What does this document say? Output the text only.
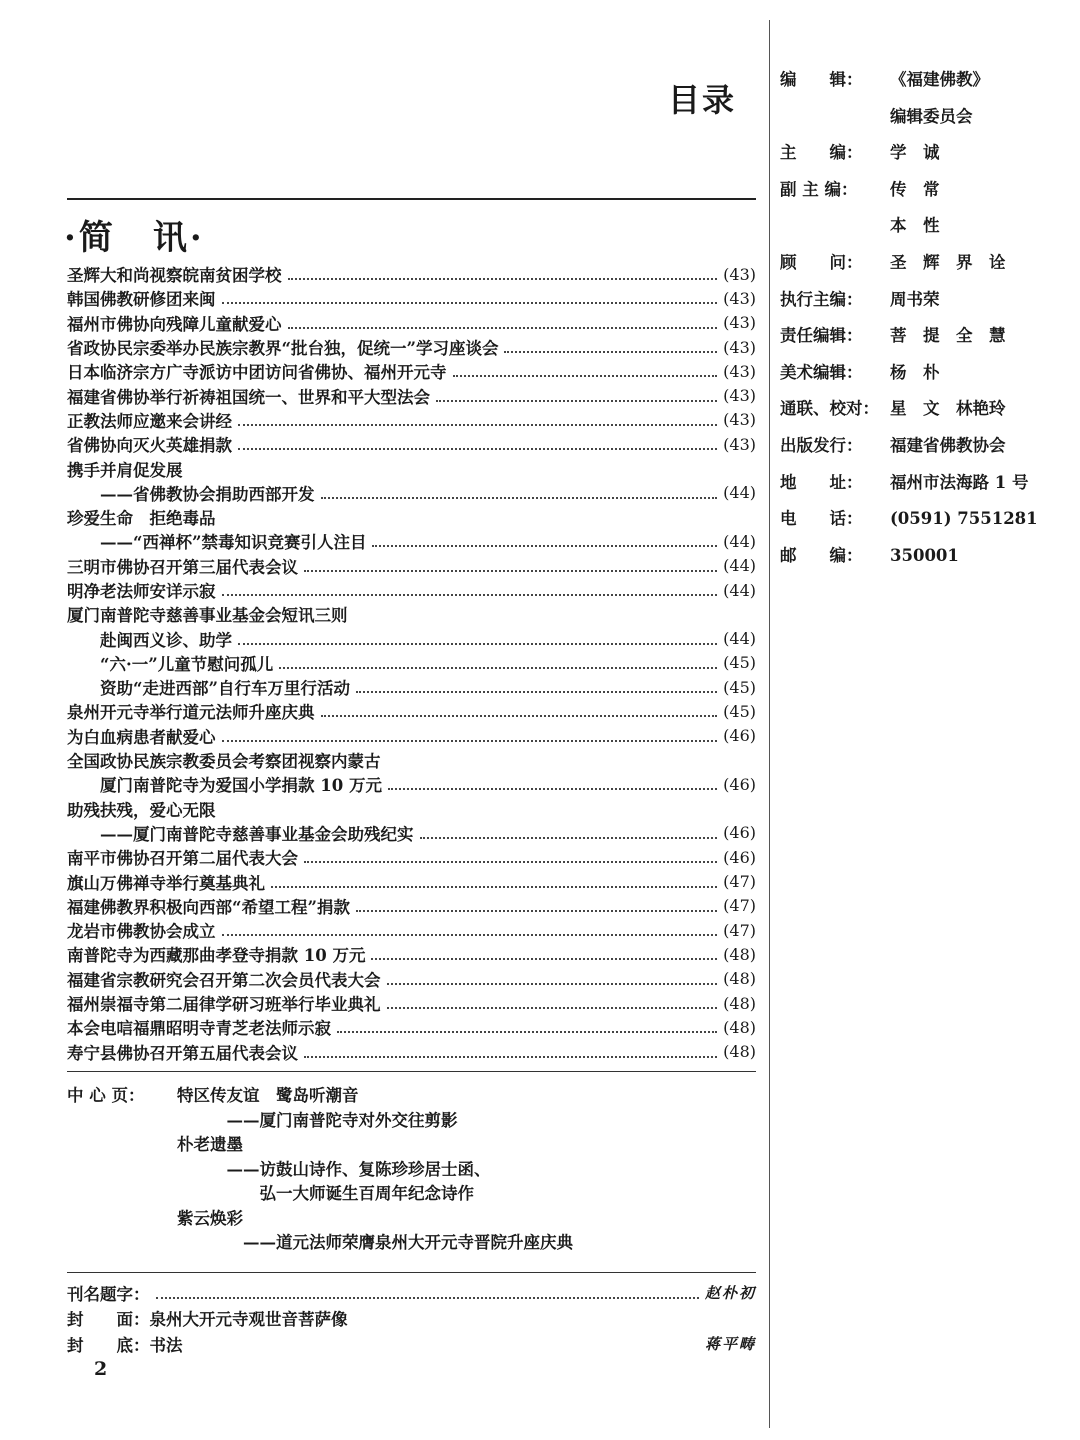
目录
·简　讯·
圣辉大和尚视察皖南贫困学校	(43)
韩国佛教研修团来闽	(43)
福州市佛协向残障儿童献爱心	(43)
省政协民宗委举办民族宗教界“批台独，促统一”学习座谈会	(43)
日本临济宗方广寺派访中团访问省佛协、福州开元寺	(43)
福建省佛协举行祈祷祖国统一、世界和平大型法会	(43)
正教法师应邀来会讲经	(43)
省佛协向灭火英雄捐款	(43)
携手并肩促发展
　　——省佛教协会捐助西部开发	(44)
珍爱生命　拒绝毒品
　　——“西禅杯”禁毒知识竞赛引人注目	(44)
三明市佛协召开第三届代表会议	(44)
明净老法师安详示寂	(44)
厦门南普陀寺慈善事业基金会短讯三则
　　赴闽西义诊、助学	(44)
　　“六·一”儿童节慰问孤儿	(45)
　　资助“走进西部”自行车万里行活动	(45)
泉州开元寺举行道元法师升座庆典	(45)
为白血病患者献爱心	(46)
全国政协民族宗教委员会考察团视察内蒙古
　　厦门南普陀寺为爱国小学捐款 10 万元	(46)
助残扶残，爱心无限
　　——厦门南普陀寺慈善事业基金会助残纪实	(46)
南平市佛协召开第二届代表大会	(46)
旗山万佛禅寺举行奠基典礼	(47)
福建佛教界积极向西部“希望工程”捐款	(47)
龙岩市佛教协会成立	(47)
南普陀寺为西藏那曲孝登寺捐款 10 万元	(48)
福建省宗教研究会召开第二次会员代表大会	(48)
福州崇福寺第二届律学研习班举行毕业典礼	(48)
本会电唁福鼎昭明寺青芝老法师示寂	(48)
寿宁县佛协召开第五届代表会议	(48)
中 心 页：	特区传友谊　鹭岛听潮音
　　　——厦门南普陀寺对外交往剪影
朴老遗墨
　　　——访鼓山诗作、复陈珍珍居士函、
　　　　　弘一大师诞生百周年纪念诗作
紫云焕彩
　　　　——道元法师荣膺泉州大开元寺晋院升座庆典
刊名题字：	赵朴初
封　　面： 泉州大开元寺观世音菩萨像
封　　底： 书法	蒋平畴
2
编　　辑：	《福建佛教》
编辑委员会
主　　编：	学　诚
副 主 编：	传　常
本　性
顾　　问：	圣　辉　界　诠
执行主编：	周书荣
责任编辑：	菩　提　全　慧
美术编辑：	杨　朴
通联、校对： 星　文　林艳玲
出版发行：	福建省佛教协会
地　　址：	福州市法海路 1 号
电　　话：	(0591) 7551281
邮　　编：	350001
